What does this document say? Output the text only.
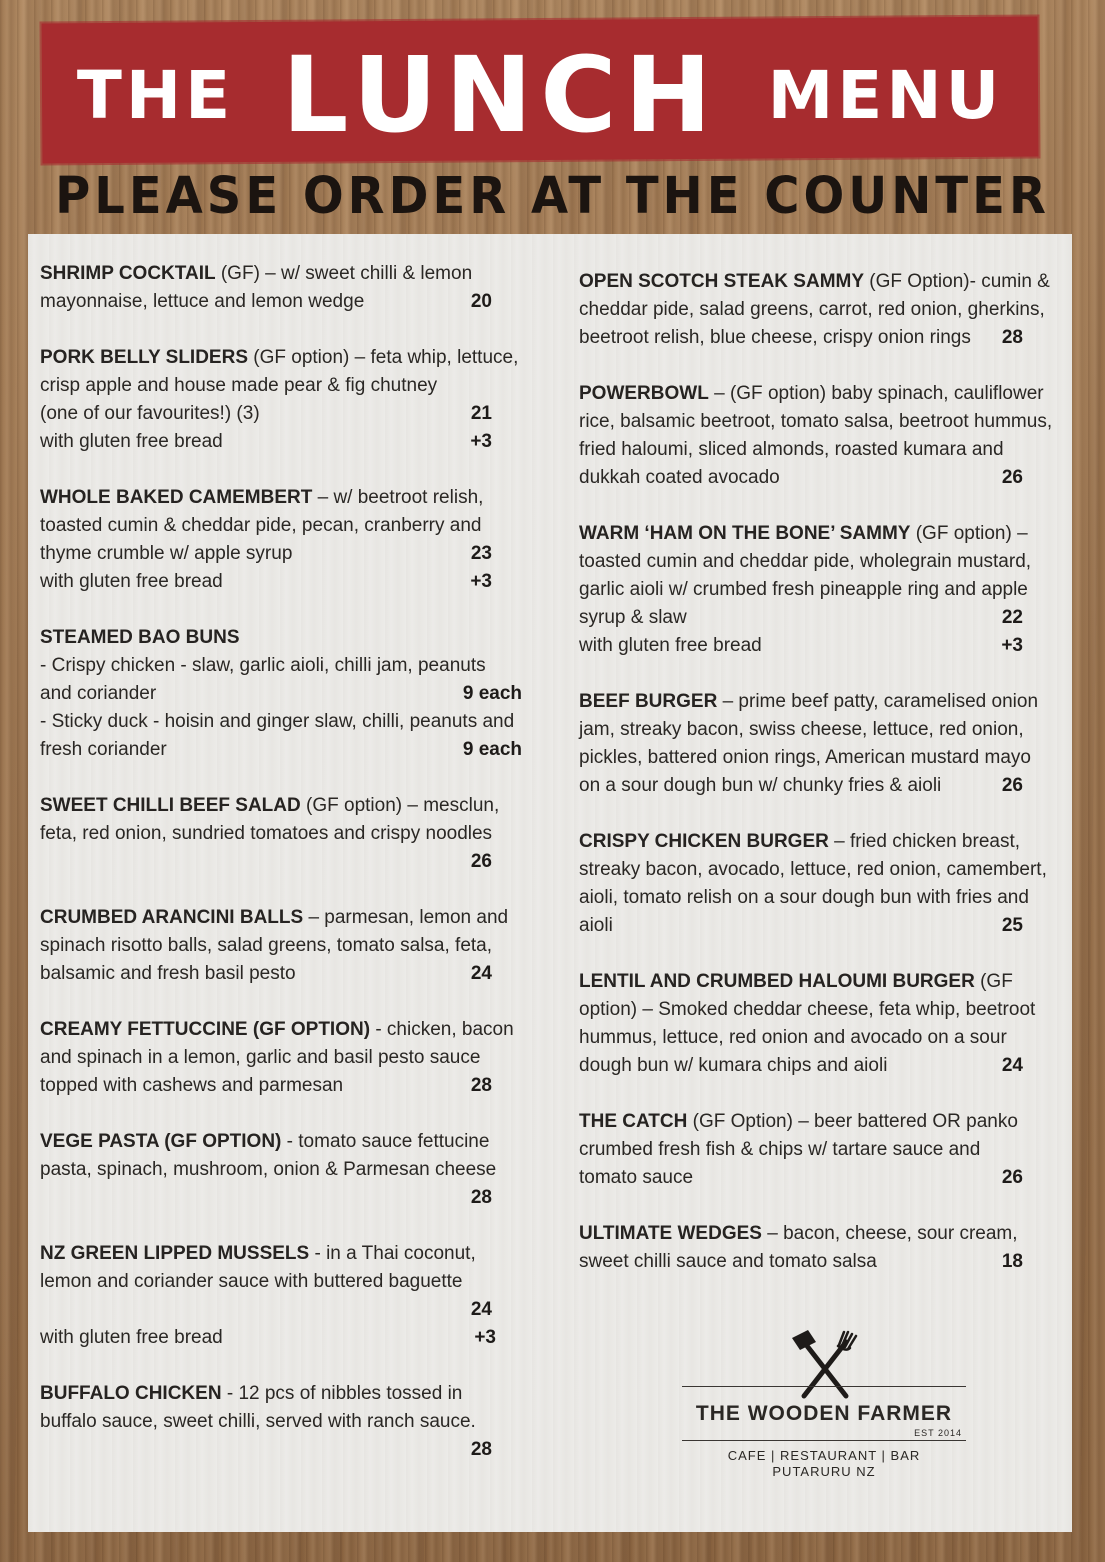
THE LUNCH MENU
PLEASE ORDER AT THE COUNTER
SHRIMP COCKTAIL (GF) – w/ sweet chilli & lemon
mayonnaise, lettuce and lemon wedge	20
PORK BELLY SLIDERS (GF option) – feta whip, lettuce,
crisp apple and house made pear & fig chutney
(one of our favourites!) (3)	21
with gluten free bread	+3
WHOLE BAKED CAMEMBERT – w/ beetroot relish,
toasted cumin & cheddar pide, pecan, cranberry and
thyme crumble w/ apple syrup	23
with gluten free bread	+3
STEAMED BAO BUNS
- Crispy chicken - slaw, garlic aioli, chilli jam, peanuts
and coriander	9 each
- Sticky duck - hoisin and ginger slaw, chilli, peanuts and
fresh coriander	9 each
SWEET CHILLI BEEF SALAD (GF option) – mesclun,
feta, red onion, sundried tomatoes and crispy noodles
26
CRUMBED ARANCINI BALLS – parmesan, lemon and
spinach risotto balls, salad greens, tomato salsa, feta,
balsamic and fresh basil pesto	24
CREAMY FETTUCCINE (GF OPTION) - chicken, bacon
and spinach in a lemon, garlic and basil pesto sauce
topped with cashews and parmesan	28
VEGE PASTA (GF OPTION) - tomato sauce fettucine
pasta, spinach, mushroom, onion & Parmesan cheese
28
NZ GREEN LIPPED MUSSELS - in a Thai coconut,
lemon and coriander sauce with buttered baguette
24
with gluten free bread	+3
BUFFALO CHICKEN - 12 pcs of nibbles tossed in
buffalo sauce, sweet chilli, served with ranch sauce.
28
OPEN SCOTCH STEAK SAMMY (GF Option)- cumin &
cheddar pide, salad greens, carrot, red onion, gherkins,
beetroot relish, blue cheese, crispy onion rings 28
POWERBOWL – (GF option) baby spinach, cauliflower
rice, balsamic beetroot, tomato salsa, beetroot hummus,
fried haloumi, sliced almonds, roasted kumara and
dukkah coated avocado	26
WARM ‘HAM ON THE BONE’ SAMMY (GF option) –
toasted cumin and cheddar pide, wholegrain mustard,
garlic aioli w/ crumbed fresh pineapple ring and apple
syrup & slaw	22
with gluten free bread	+3
BEEF BURGER – prime beef patty, caramelised onion
jam, streaky bacon, swiss cheese, lettuce, red onion,
pickles, battered onion rings, American mustard mayo
on a sour dough bun w/ chunky fries & aioli	26
CRISPY CHICKEN BURGER – fried chicken breast,
streaky bacon, avocado, lettuce, red onion, camembert,
aioli, tomato relish on a sour dough bun with fries and
aioli	25
LENTIL AND CRUMBED HALOUMI BURGER (GF
option) – Smoked cheddar cheese, feta whip, beetroot
hummus, lettuce, red onion and avocado on a sour
dough bun w/ kumara chips and aioli	24
THE CATCH (GF Option) – beer battered OR panko
crumbed fresh fish & chips w/ tartare sauce and
tomato sauce	26
ULTIMATE WEDGES – bacon, cheese, sour cream,
sweet chilli sauce and tomato salsa	18
THE WOODEN FARMER
EST 2014
CAFE | RESTAURANT | BAR
PUTARURU NZ
